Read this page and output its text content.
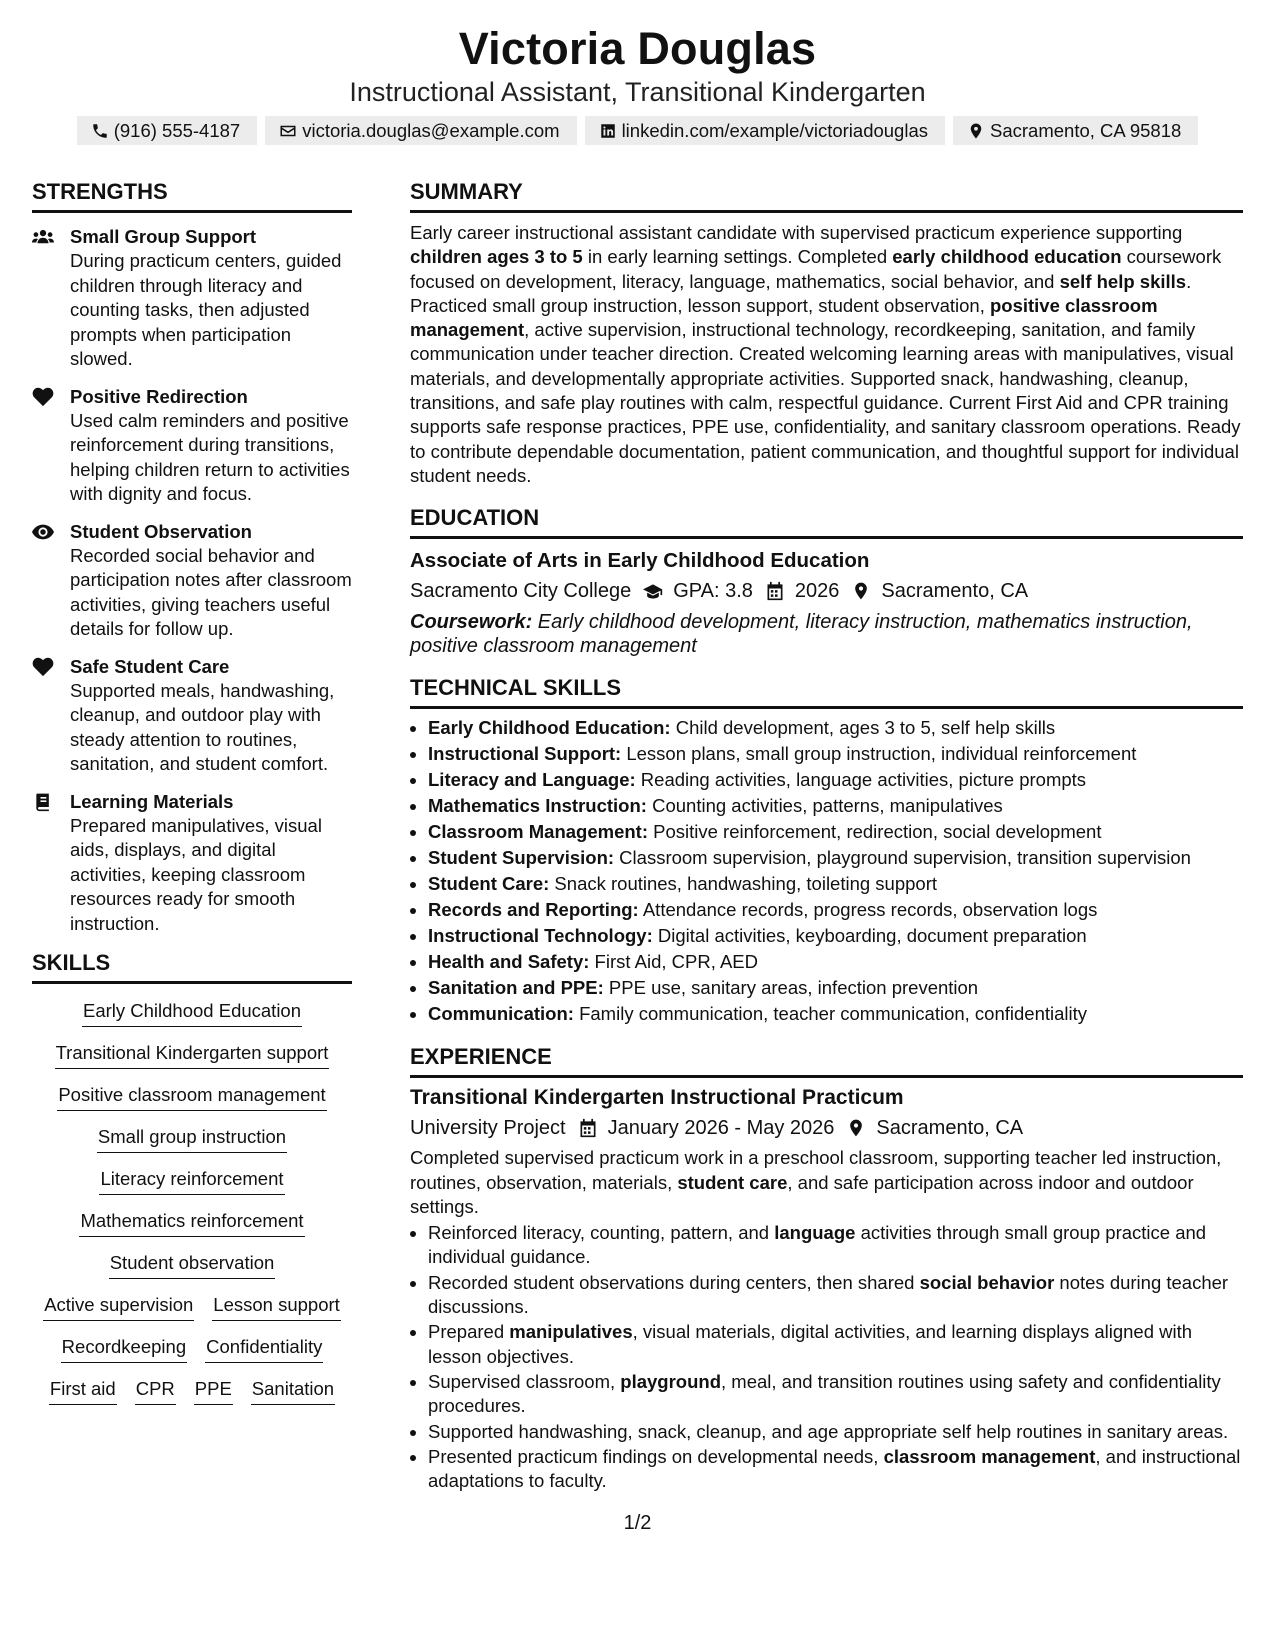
Victoria Douglas
Instructional Assistant, Transitional Kindergarten
(916) 555-4187	victoria.douglas@example.com	linkedin.com/example/victoriadouglas	Sacramento, CA 95818
STRENGTHS
Small Group Support
During practicum centers, guided children through literacy and counting tasks, then adjusted prompts when participation slowed.
Positive Redirection
Used calm reminders and positive reinforcement during transitions, helping children return to activities with dignity and focus.
Student Observation
Recorded social behavior and participation notes after classroom activities, giving teachers useful details for follow up.
Safe Student Care
Supported meals, handwashing, cleanup, and outdoor play with steady attention to routines, sanitation, and student comfort.
Learning Materials
Prepared manipulatives, visual aids, displays, and digital activities, keeping classroom resources ready for smooth instruction.
SKILLS
Early Childhood Education
Transitional Kindergarten support
Positive classroom management
Small group instruction
Literacy reinforcement
Mathematics reinforcement
Student observation
Active supervision Lesson support
Recordkeeping Confidentiality
First aid CPR PPE Sanitation
SUMMARY
Early career instructional assistant candidate with supervised practicum experience supporting children ages 3 to 5 in early learning settings. Completed early childhood education coursework focused on development, literacy, language, mathematics, social behavior, and self help skills. Practiced small group instruction, lesson support, student observation, positive classroom management, active supervision, instructional technology, recordkeeping, sanitation, and family communication under teacher direction. Created welcoming learning areas with manipulatives, visual materials, and developmentally appropriate activities. Supported snack, handwashing, cleanup, transitions, and safe play routines with calm, respectful guidance. Current First Aid and CPR training supports safe response practices, PPE use, confidentiality, and sanitary classroom operations. Ready to contribute dependable documentation, patient communication, and thoughtful support for individual student needs.
EDUCATION
Associate of Arts in Early Childhood Education
Sacramento City College GPA: 3.8 2026 Sacramento, CA
Coursework: Early childhood development, literacy instruction, mathematics instruction, positive classroom management
TECHNICAL SKILLS
• Early Childhood Education: Child development, ages 3 to 5, self help skills
• Instructional Support: Lesson plans, small group instruction, individual reinforcement
• Literacy and Language: Reading activities, language activities, picture prompts
• Mathematics Instruction: Counting activities, patterns, manipulatives
• Classroom Management: Positive reinforcement, redirection, social development
• Student Supervision: Classroom supervision, playground supervision, transition supervision
• Student Care: Snack routines, handwashing, toileting support
• Records and Reporting: Attendance records, progress records, observation logs
• Instructional Technology: Digital activities, keyboarding, document preparation
• Health and Safety: First Aid, CPR, AED
• Sanitation and PPE: PPE use, sanitary areas, infection prevention
• Communication: Family communication, teacher communication, confidentiality
EXPERIENCE
Transitional Kindergarten Instructional Practicum
University Project January 2026 - May 2026 Sacramento, CA
Completed supervised practicum work in a preschool classroom, supporting teacher led instruction, routines, observation, materials, student care, and safe participation across indoor and outdoor settings.
• Reinforced literacy, counting, pattern, and language activities through small group practice and individual guidance.
• Recorded student observations during centers, then shared social behavior notes during teacher discussions.
• Prepared manipulatives, visual materials, digital activities, and learning displays aligned with lesson objectives.
• Supervised classroom, playground, meal, and transition routines using safety and confidentiality procedures.
• Supported handwashing, snack, cleanup, and age appropriate self help routines in sanitary areas.
• Presented practicum findings on developmental needs, classroom management, and instructional adaptations to faculty.
1/2
